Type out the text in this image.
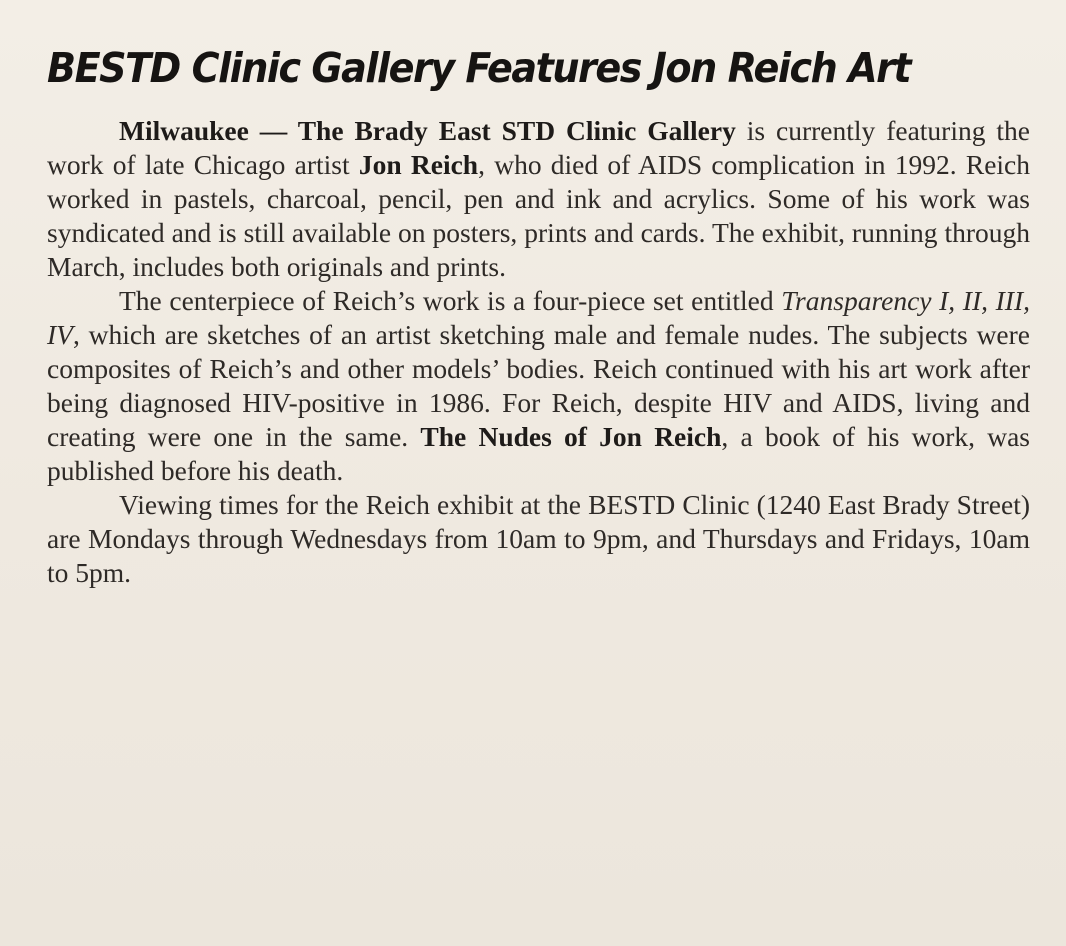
BESTD Clinic Gallery Features Jon Reich Art

Milwaukee — The Brady East STD Clinic Gallery is currently featuring the work of late Chicago artist Jon Reich, who died of AIDS complication in 1992. Reich worked in pastels, charcoal, pencil, pen and ink and acrylics. Some of his work was syndicated and is still available on posters, prints and cards. The exhibit, running through March, includes both originals and prints.

The centerpiece of Reich’s work is a four-piece set entitled Transparency I, II, III, IV, which are sketches of an artist sketching male and female nudes. The subjects were composites of Reich’s and other models’ bodies. Reich continued with his art work after being diagnosed HIV-positive in 1986. For Reich, despite HIV and AIDS, living and creating were one in the same. The Nudes of Jon Reich, a book of his work, was published before his death.

Viewing times for the Reich exhibit at the BESTD Clinic (1240 East Brady Street) are Mondays through Wednesdays from 10am to 9pm, and Thursdays and Fridays, 10am to 5pm.
